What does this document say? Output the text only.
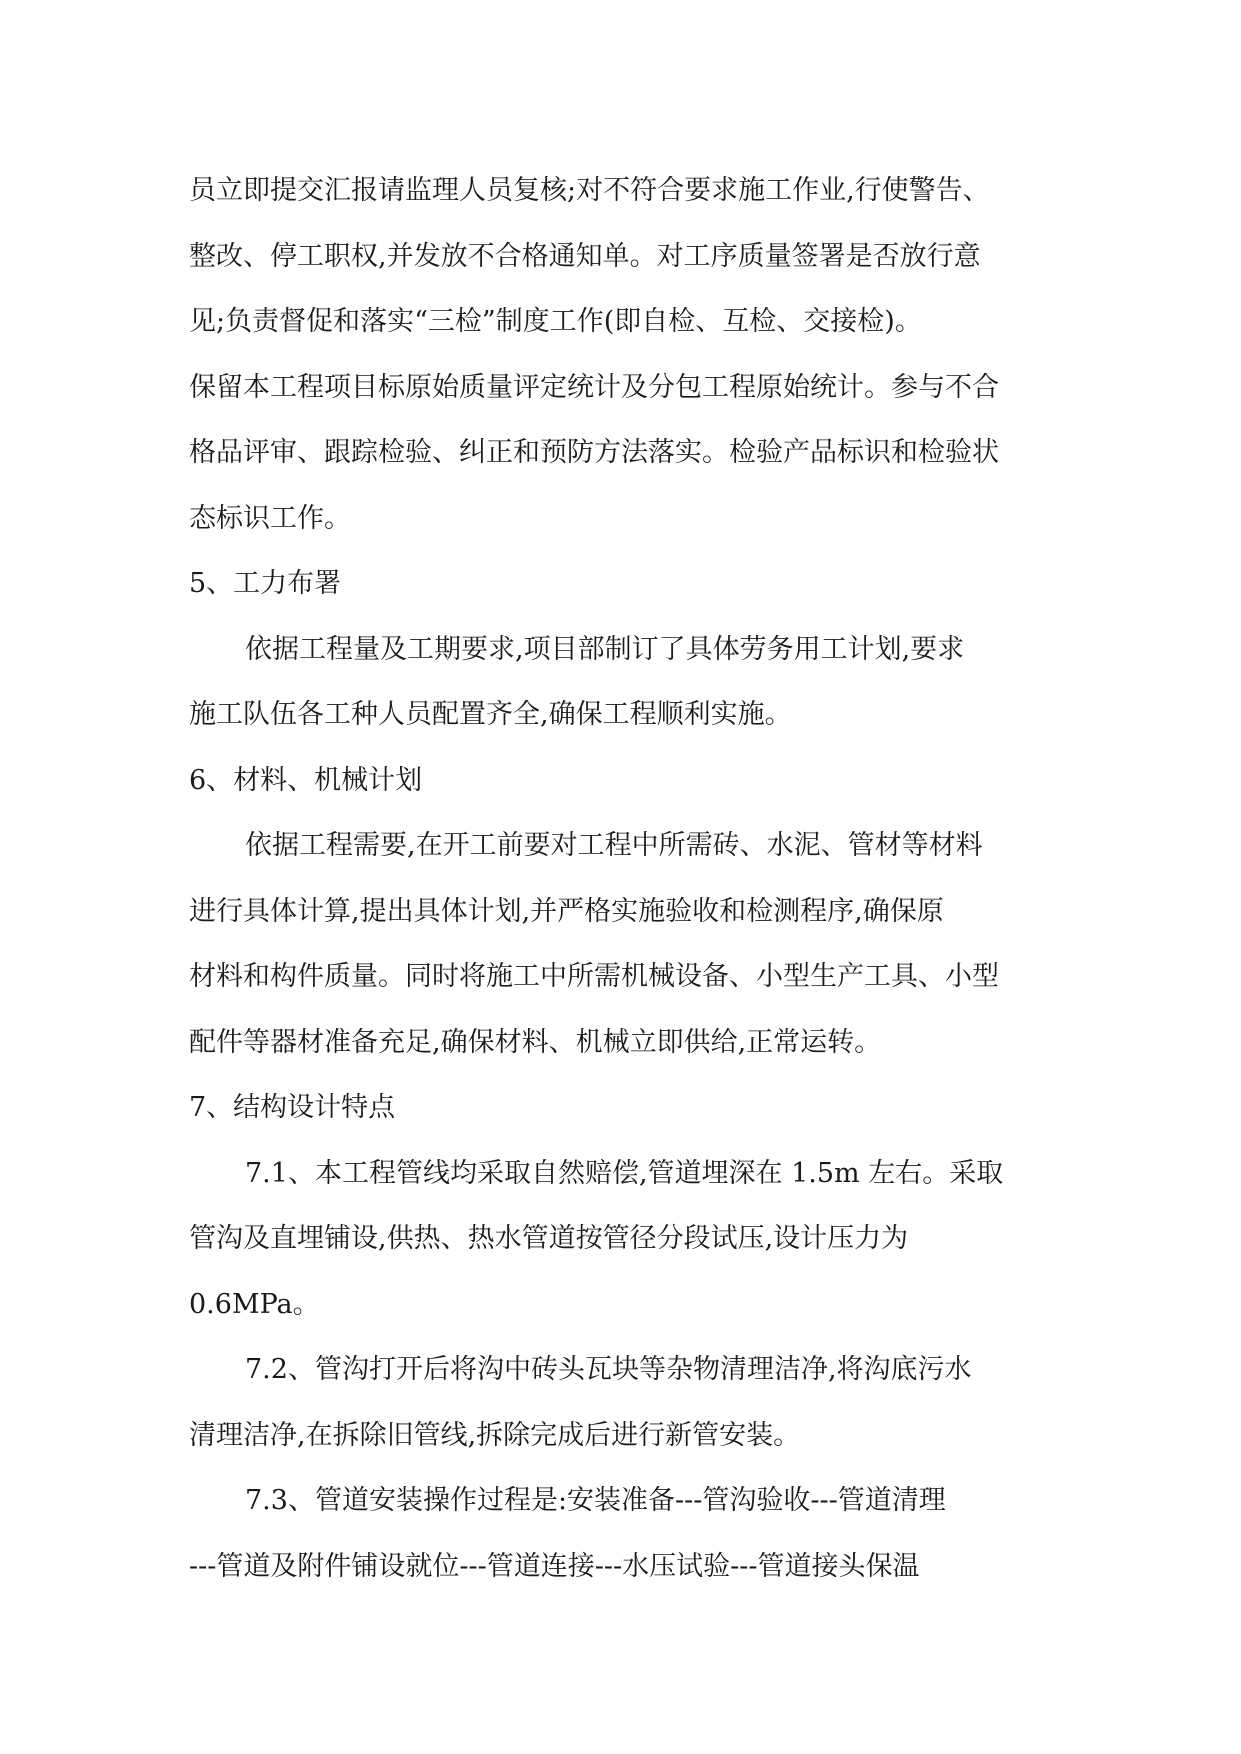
员立即提交汇报请监理人员复核;对不符合要求施工作业,行使警告、
整改、停工职权,并发放不合格通知单。对工序质量签署是否放行意
见;负责督促和落实“三检”制度工作(即自检、互检、交接检)。
保留本工程项目标原始质量评定统计及分包工程原始统计。参与不合
格品评审、跟踪检验、纠正和预防方法落实。检验产品标识和检验状
态标识工作。
5、工力布署
依据工程量及工期要求,项目部制订了具体劳务用工计划,要求
施工队伍各工种人员配置齐全,确保工程顺利实施。
6、材料、机械计划
依据工程需要,在开工前要对工程中所需砖、水泥、管材等材料
进行具体计算,提出具体计划,并严格实施验收和检测程序,确保原
材料和构件质量。同时将施工中所需机械设备、小型生产工具、小型
配件等器材准备充足,确保材料、机械立即供给,正常运转。
7、结构设计特点
7.1、本工程管线均采取自然赔偿,管道埋深在 1.5m 左右。采取
管沟及直埋铺设,供热、热水管道按管径分段试压,设计压力为
0.6MPa。
7.2、管沟打开后将沟中砖头瓦块等杂物清理洁净,将沟底污水
清理洁净,在拆除旧管线,拆除完成后进行新管安装。
7.3、管道安装操作过程是:安装准备---管沟验收---管道清理
---管道及附件铺设就位---管道连接---水压试验---管道接头保温
